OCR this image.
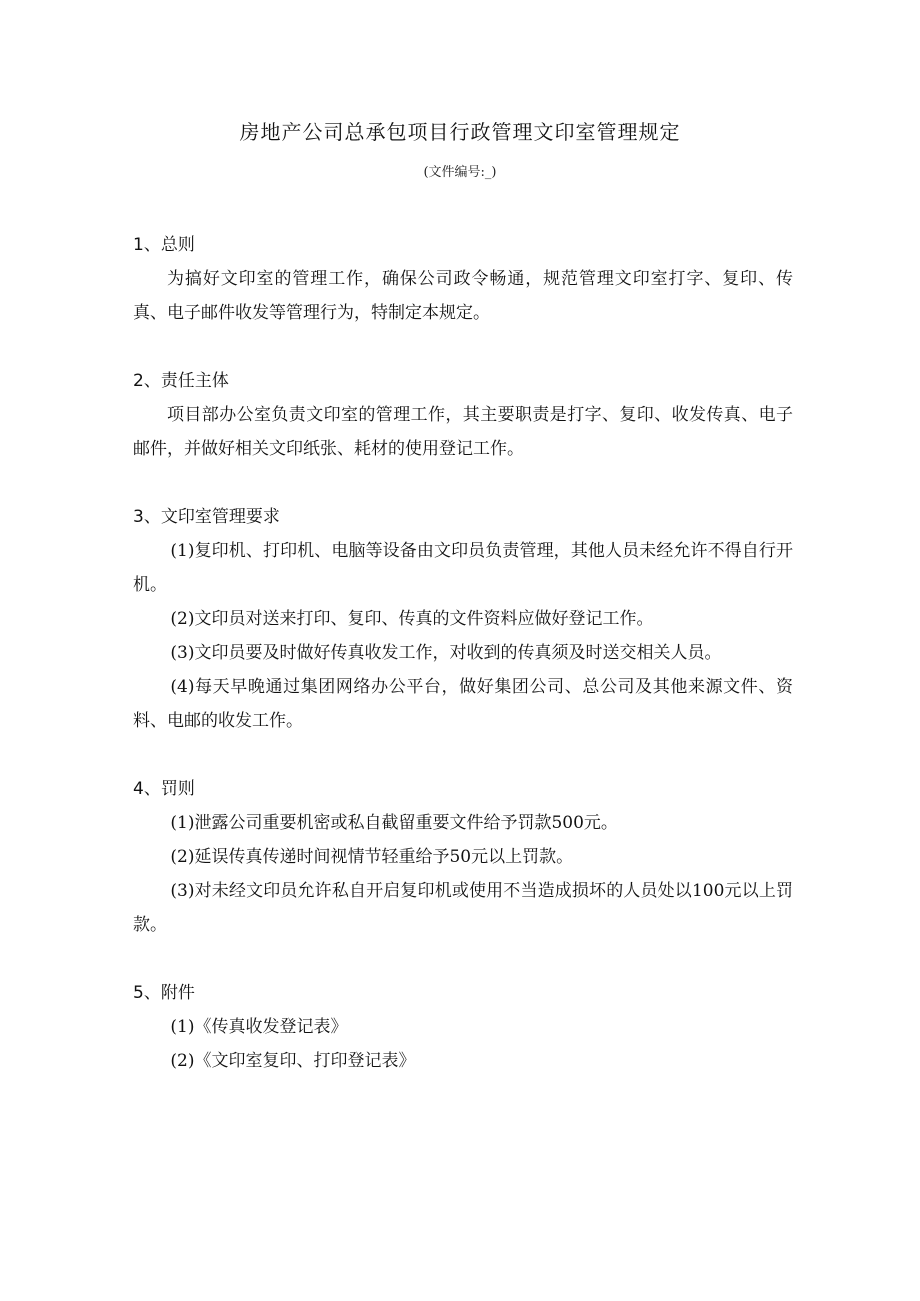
房地产公司总承包项目行政管理文印室管理规定
(文件编号:_)
1、总则

为搞好文印室的管理工作，确保公司政令畅通，规范管理文印室打字、复印、传真、电子邮件收发等管理行为，特制定本规定。

2、责任主体

项目部办公室负责文印室的管理工作，其主要职责是打字、复印、收发传真、电子邮件，并做好相关文印纸张、耗材的使用登记工作。

3、文印室管理要求

(1)复印机、打印机、电脑等设备由文印员负责管理，其他人员未经允许不得自行开机。

(2)文印员对送来打印、复印、传真的文件资料应做好登记工作。

(3)文印员要及时做好传真收发工作，对收到的传真须及时送交相关人员。

(4)每天早晚通过集团网络办公平台，做好集团公司、总公司及其他来源文件、资料、电邮的收发工作。

4、罚则

(1)泄露公司重要机密或私自截留重要文件给予罚款500元。

(2)延误传真传递时间视情节轻重给予50元以上罚款。

(3)对未经文印员允许私自开启复印机或使用不当造成损坏的人员处以100元以上罚款。

5、附件

(1)《传真收发登记表》

(2)《文印室复印、打印登记表》
